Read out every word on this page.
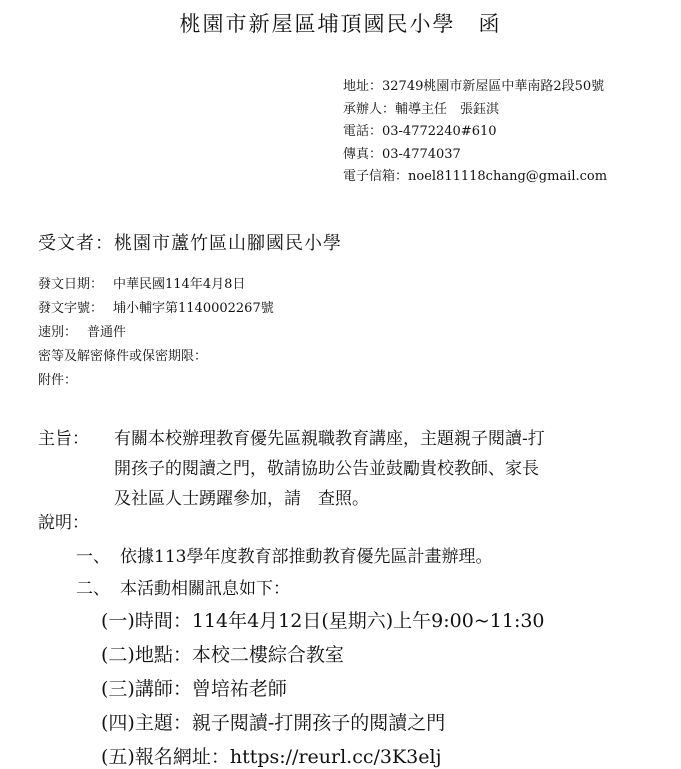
桃園市新屋區埔頂國民小學　函
地址：32749桃園市新屋區中華南路2段50號
承辦人：輔導主任　張鈺淇
電話：03-4772240#610
傳真：03-4774037
電子信箱：noel811118chang@gmail.com
受文者：桃園市蘆竹區山腳國民小學
發文日期： 中華民國114年4月8日
發文字號： 埔小輔字第1140002267號
速別： 普通件
密等及解密條件或保密期限：
附件：
主旨： 有關本校辦理教育優先區親職教育講座，主題親子閱讀-打
開孩子的閱讀之門，敬請協助公告並鼓勵貴校教師、家長
及社區人士踴躍參加，請　查照。
說明：
一、 依據113學年度教育部推動教育優先區計畫辦理。
二、 本活動相關訊息如下：
(一)時間：114年4月12日(星期六)上午9:00~11:30
(二)地點：本校二樓綜合教室
(三)講師：曾培祐老師
(四)主題：親子閱讀-打開孩子的閱讀之門
(五)報名網址：https://reurl.cc/3K3elj
